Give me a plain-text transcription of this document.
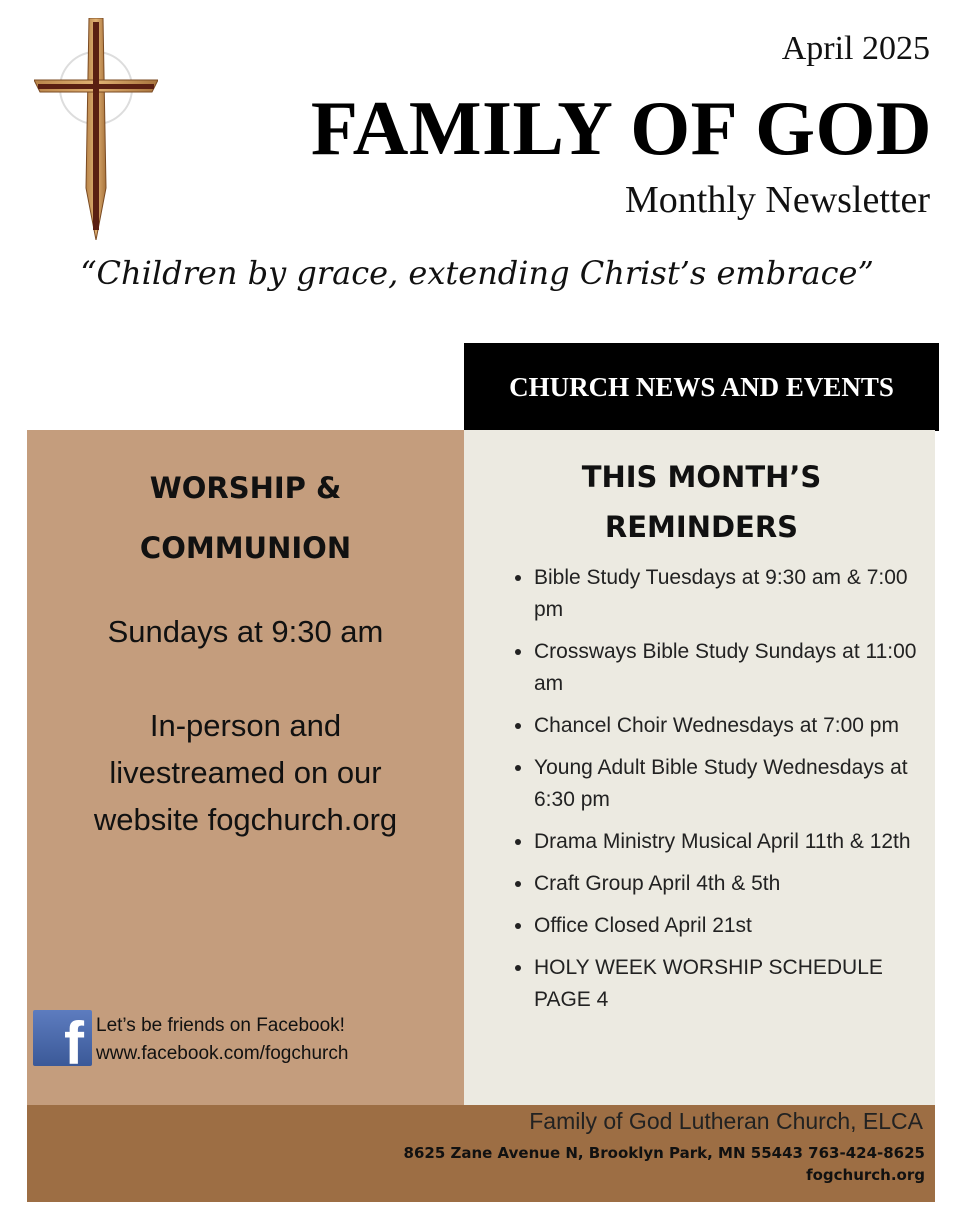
April 2025
FAMILY OF GOD
Monthly Newsletter
“Children by grace, extending Christ’s embrace”
CHURCH NEWS AND EVENTS
WORSHIP &
COMMUNION
Sundays at 9:30 am
In-person and
livestreamed on our
website fogchurch.org
f Let’s be friends on Facebook!
www.facebook.com/fogchurch
THIS MONTH’S
REMINDERS
• Bible Study Tuesdays at 9:30 am & 7:00 pm
• Crossways Bible Study Sundays at 11:00 am
• Chancel Choir Wednesdays at 7:00 pm
• Young Adult Bible Study Wednesdays at 6:30 pm
• Drama Ministry Musical April 11th & 12th
• Craft Group April 4th & 5th
• Office Closed April 21st
• HOLY WEEK WORSHIP SCHEDULE PAGE 4
Family of God Lutheran Church, ELCA
8625 Zane Avenue N, Brooklyn Park, MN 55443 763-424-8625
fogchurch.org
